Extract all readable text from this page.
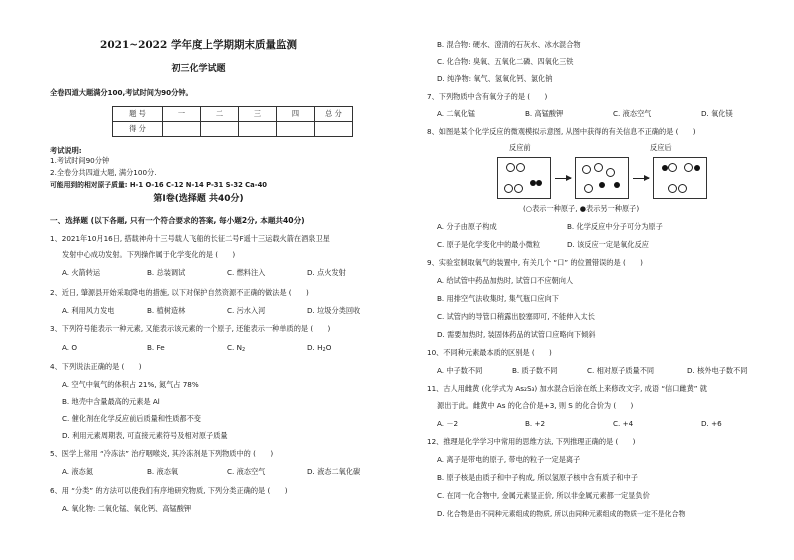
2021~2022 学年度上学期期末质量监测
初三化学试题
全卷四道大题满分100,考试时间为90分钟。
题 号	一	二	三	四	总 分
得 分					
考试说明:
1.考试时间90分钟
2.全卷分共四道大题, 满分100分.
可能用到的相对原子质量: H-1 O-16 C-12 N-14 P-31 S-32 Ca-40
第Ⅰ卷(选择题 共40分)
一、选择题 (以下各题, 只有一个符合要求的答案, 每小题2分, 本题共40分)
1、2021年10月16日, 搭载神舟十三号载人飞船的长征二号F遥十三运载火箭在酒泉卫星
发射中心成功发射。下列操作属于化学变化的是 (　　)
A. 火箭转运	B. 总装调试	C. 燃料注入	D. 点火发射
2、近日, 肇源县开始采取降电的措施, 以下对保护自然资源不正确的做法是 (　　)
A. 利用风力发电	B. 植树造林	C. 污水入河	D. 垃圾分类回收
3、下列符号能表示一种元素, 又能表示该元素的一个原子, 还能表示一种单质的是 (　　)
A. O	B. Fe	C. N2	D. H2O
4、下列说法正确的是 (　　)
A. 空气中氧气的体积占 21%, 氮气占 78%
B. 地壳中含量最高的元素是 Al
C. 催化剂在化学反应前后质量和性质都不变
D. 利用元素周期表, 可直接元素符号及相对原子质量
5、医学上常用 “冷冻法” 治疗咽喉炎, 其冷冻剂是下列物质中的 (　　)
A. 液态氮	B. 液态氧	C. 液态空气	D. 液态二氧化碳
6、用 “分类” 的方法可以使我们有序地研究物质, 下列分类正确的是 (　　)
A. 氧化物: 二氧化锰、氧化钙、高锰酸钾
B. 混合物: 硬水、澄清的石灰水、冰水混合物
C. 化合物: 臭氧、五氧化二磷、四氧化三铁
D. 纯净物: 氧气、氢氧化钙、氯化钠
7、下列物质中含有氧分子的是 (　　)
A. 二氧化锰	B. 高锰酸钾	C. 液态空气	D. 氧化镁
8、如图是某个化学反应的微观模拟示意图, 从图中获得的有关信息不正确的是 (　　)
反应前	反应后
(○表示一种原子, ●表示另一种原子)
A. 分子由原子构成	B. 化学反应中分子可分为原子
C. 原子是化学变化中的最小微粒	D. 该反应一定是氧化反应
9、实验室制取氧气的装置中, 有关几个 “口” 的位置错误的是 (　　)
A. 给试管中药品加热时, 试管口不应朝向人
B. 用排空气法收集时, 集气瓶口应向下
C. 试管内的导管口稍露出胶塞即可, 不能伸入太长
D. 需要加热时, 装固体药品的试管口应略向下倾斜
10、不同种元素最本质的区别是 (　　)
A. 中子数不同	B. 质子数不同	C. 相对原子质量不同	D. 核外电子数不同
11、古人用雌黄 (化学式为 As₂S₃) 加水混合后涂在纸上来修改文字, 成语 “信口雌黄” 就
源出于此。雌黄中 As 的化合价是+3, 则 S 的化合价为 (　　)
A. －2	B. +2	C. +4	D. +6
12、推理是化学学习中常用的思维方法, 下列推理正确的是 (　　)
A. 离子是带电的原子, 带电的粒子一定是离子
B. 原子核是由质子和中子构成, 所以氢原子核中含有质子和中子
C. 在同一化合物中, 金属元素显正价, 所以非金属元素都一定显负价
D. 化合物是由不同种元素组成的物质, 所以由同种元素组成的物质一定不是化合物
